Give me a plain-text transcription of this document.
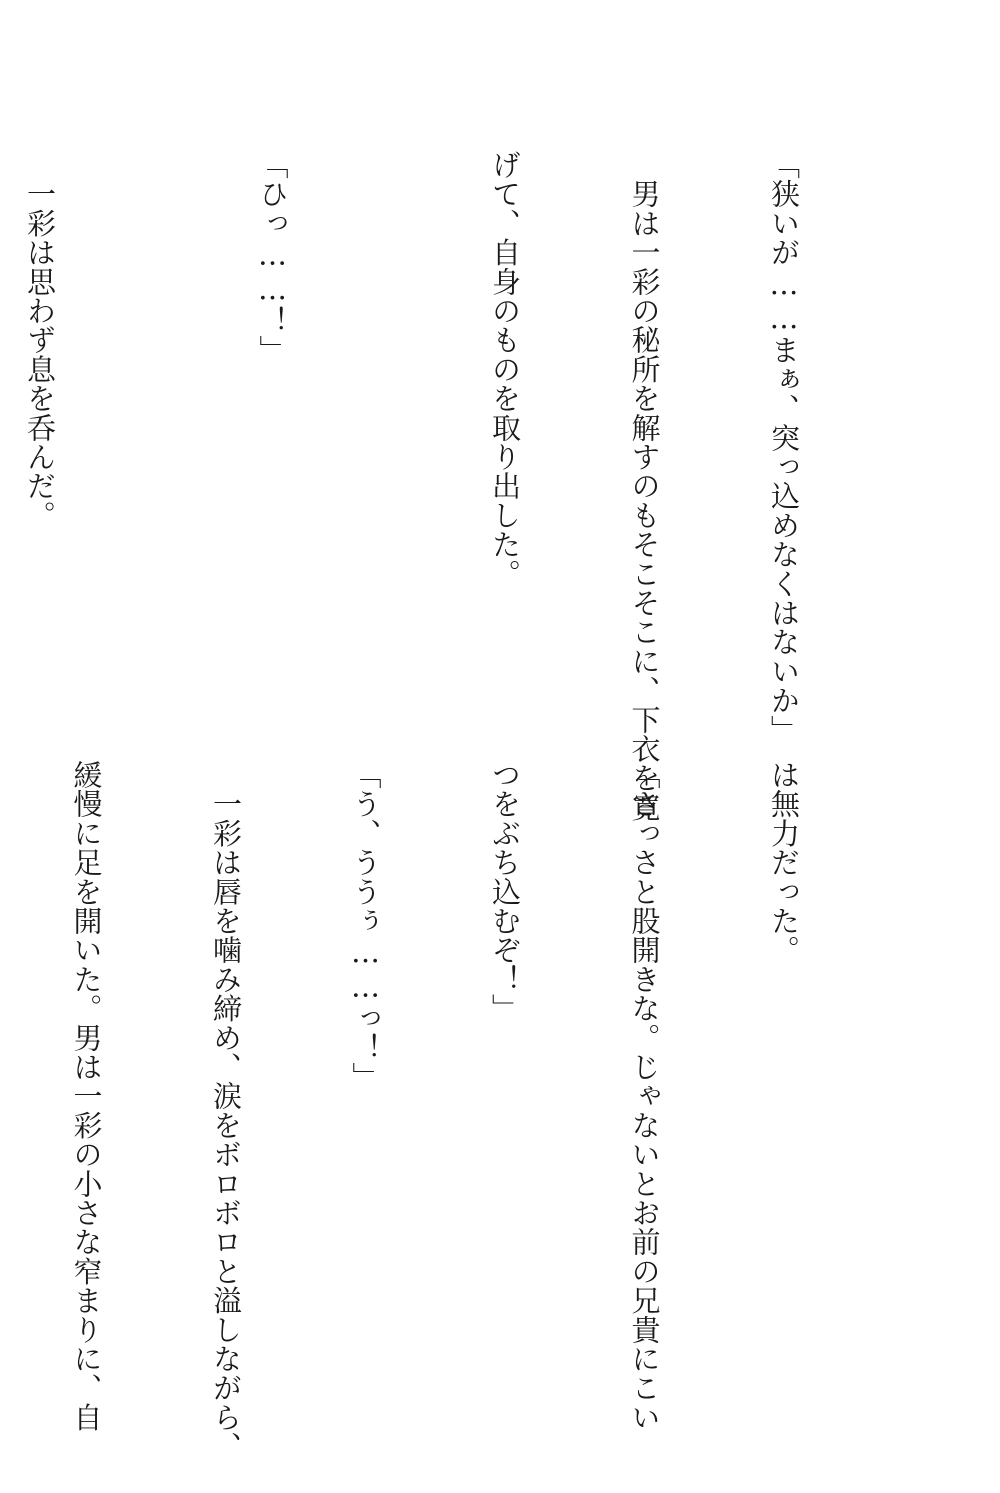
「狭いが……まぁ、突っ込めなくはないか」

　男は一彩の秘所を解すのもそこそこに、下衣を寛

げて、自身のものを取り出した。

「ひっ……！」

　一彩は思わず息を呑んだ。

は無力だった。

「さっさと股開きな。じゃないとお前の兄貴にこい

つをぶち込むぞ！」

「う、ううぅ……っ！」

　一彩は唇を噛み締め、涙をボロボロと溢しながら、

緩慢に足を開いた。男は一彩の小さな窄まりに、自
